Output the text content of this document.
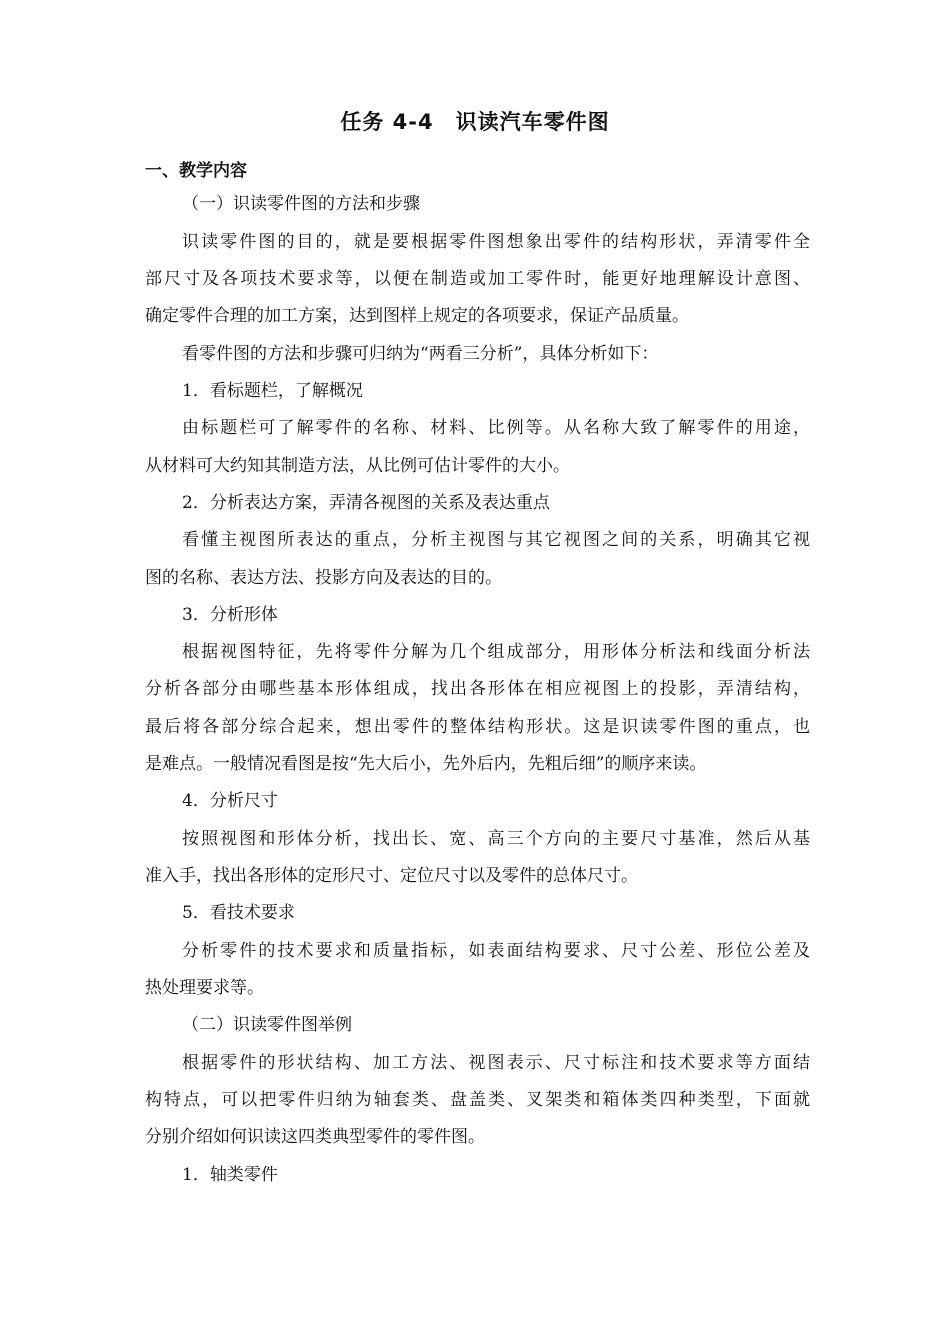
任务 4-4　识读汽车零件图
一、教学内容
（一）识读零件图的方法和步骤
识读零件图的目的，就是要根据零件图想象出零件的结构形状，弄清零件全
部尺寸及各项技术要求等，以便在制造或加工零件时，能更好地理解设计意图、
确定零件合理的加工方案，达到图样上规定的各项要求，保证产品质量。
看零件图的方法和步骤可归纳为“两看三分析”，具体分析如下：
1．看标题栏，了解概况
由标题栏可了解零件的名称、材料、比例等。从名称大致了解零件的用途，
从材料可大约知其制造方法，从比例可估计零件的大小。
2．分析表达方案，弄清各视图的关系及表达重点
看懂主视图所表达的重点，分析主视图与其它视图之间的关系，明确其它视
图的名称、表达方法、投影方向及表达的目的。
3．分析形体
根据视图特征，先将零件分解为几个组成部分，用形体分析法和线面分析法
分析各部分由哪些基本形体组成，找出各形体在相应视图上的投影，弄清结构，
最后将各部分综合起来，想出零件的整体结构形状。这是识读零件图的重点，也
是难点。一般情况看图是按“先大后小，先外后内，先粗后细”的顺序来读。
4．分析尺寸
按照视图和形体分析，找出长、宽、高三个方向的主要尺寸基准，然后从基
准入手，找出各形体的定形尺寸、定位尺寸以及零件的总体尺寸。
5．看技术要求
分析零件的技术要求和质量指标，如表面结构要求、尺寸公差、形位公差及
热处理要求等。
（二）识读零件图举例
根据零件的形状结构、加工方法、视图表示、尺寸标注和技术要求等方面结
构特点，可以把零件归纳为轴套类、盘盖类、叉架类和箱体类四种类型，下面就
分别介绍如何识读这四类典型零件的零件图。
1．轴类零件
